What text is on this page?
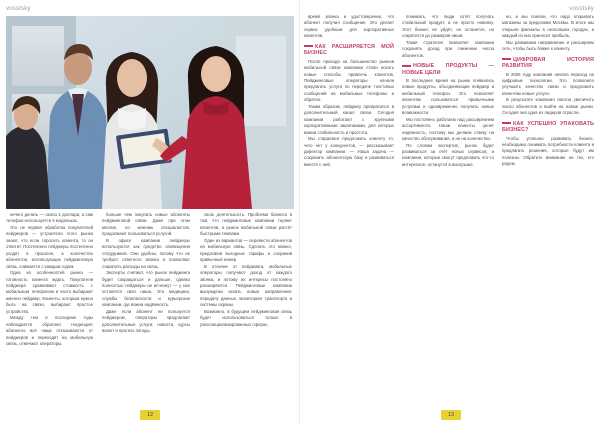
vosstsky

нечего делать — около 1 доллара, а сам телефон используется в модельках.

Это не первая обработка покупателей пейджеров — устроители этого рынка знают, что если спросить клиента, то он ответит. Постепенно пейджеры постепенно уходят в прошлое, а количество абонентов, использующих пейджинговую связь, снижается с каждым годом.

Одна из особенностей рынка — готовность клиента ждать. Покупатели пейджера сравнивают стоимость с мобильным телефоном и часто выбирают именно пейджер. Клиенты, которым нужно быть на связи, выбирают простое устройство.

Между тем в последние годы наблюдается обратная тенденция: абоненты всё чаще отказываются от пейджеров и переходят на мобильную связь, отмечают операторы.

больше чем покупать новые абоненты пейджинговой связи. Даже при этом многие, по мнению специалистов, продолжают пользоваться услугой.

В офисе компании пейджеры используются как средство оповещения сотрудников. Они удобны, потому что не требуют ответного звонка и позволяют сократить расходы на связь.

Эксперты считают, что рынок пейджинга будет сокращаться и дальше, однако полностью пейджеры не исчезнут — у них останется своя ниша. Это медицина, службы безопасности и курьерские компании, где важна надёжность.

Даже если абонент не пользуется пейджером, операторы предлагают дополнительные услуги: новости, курсы валют и прогноз погоды.

свою деятельность. Проблема бизнеса в том, что пейджинговые компании теряют клиентов, а рынок мобильной связи растёт быстрыми темпами.

Один из вариантов — перевести абонентов на мобильную связь. Сделать это можно, предложив выгодные тарифы и сохранив привычный номер.

В отличие от пейджинга, мобильные операторы получают доход от каждого звонка, и потому их интересы постоянно расширяются. Пейджинговые компании вынуждены искать новые направления: передачу данных, мониторинг транспорта и системы охраны.

Возможно, в будущем пейджинговая связь будет использоваться только в узкоспециализированных сферах.

12
vosstsky

время звонка и удостоверение, что абонент получил сообщение. Это делает сервис удобным для корпоративных клиентов.

КАК РАСШИРЯЕТСЯ МОЙ БИЗНЕС

После прихода на большинство рынков мобильной связи компании стали искать новые способы привлечь клиентов. Пейджинговые операторы начали предлагать услуги по передаче текстовых сообщений на мобильные телефоны и обратно.

Таким образом, пейджер превратился в дополнительный канал связи. Сегодня компании работают с крупными корпоративными заказчиками, для которых важна стабильность и простота.

Мы стараемся предложить клиенту то, чего нет у конкурентов, — рассказывает директор компании. — Наша задача — сохранить абонентскую базу и развиваться вместе с ней.

понимать, что люди хотят получать стабильный продукт, а не просто новинку. Этот бизнес не уйдёт, он останется, но сократится до размеров ниши.

Такая стратегия позволяет компании сохранять доход при снижении числа абонентов.

НОВЫЕ ПРОДУКТЫ — НОВЫЕ ЦЕЛИ

В последнее время на рынке появились новые продукты, объединяющие пейджер и мобильный телефон. Это позволяет клиентам пользоваться привычными услугами и одновременно получать новые возможности.

Мы постоянно работаем над расширением ассортимента. Наши клиенты ценят надёжность, поэтому мы делаем ставку на качество обслуживания, а не на количество.

По словам экспертов, рынок будет развиваться за счёт новых сервисов, и компании, которые смогут предложить что-то интересное, останутся в выигрыше.

но, и мы поняли, что надо открывать магазины за пределами Москвы. В итоге мы открыли филиалы в нескольких городах, и каждый из них приносит прибыль.

Мы развиваем направление и расширяем сеть, чтобы быть ближе к клиенту.

ЦИФРОВАЯ ИСТОРИЯ РАЗВИТИЯ

В 2006 году компания начала переход на цифровые технологии. Это позволило улучшить качество связи и предложить клиентам новые услуги.

В результате компания смогла увеличить число абонентов и выйти на новые рынки. Сегодня она одна из лидеров отрасли.

КАК УСПЕШНО УПАКОВАТЬ БИЗНЕС?

Чтобы успешно развивать бизнес, необходимо понимать потребности клиента и предлагать решения, которые будут им полезны. Обратите внимание на тех, кто рядом.

13
